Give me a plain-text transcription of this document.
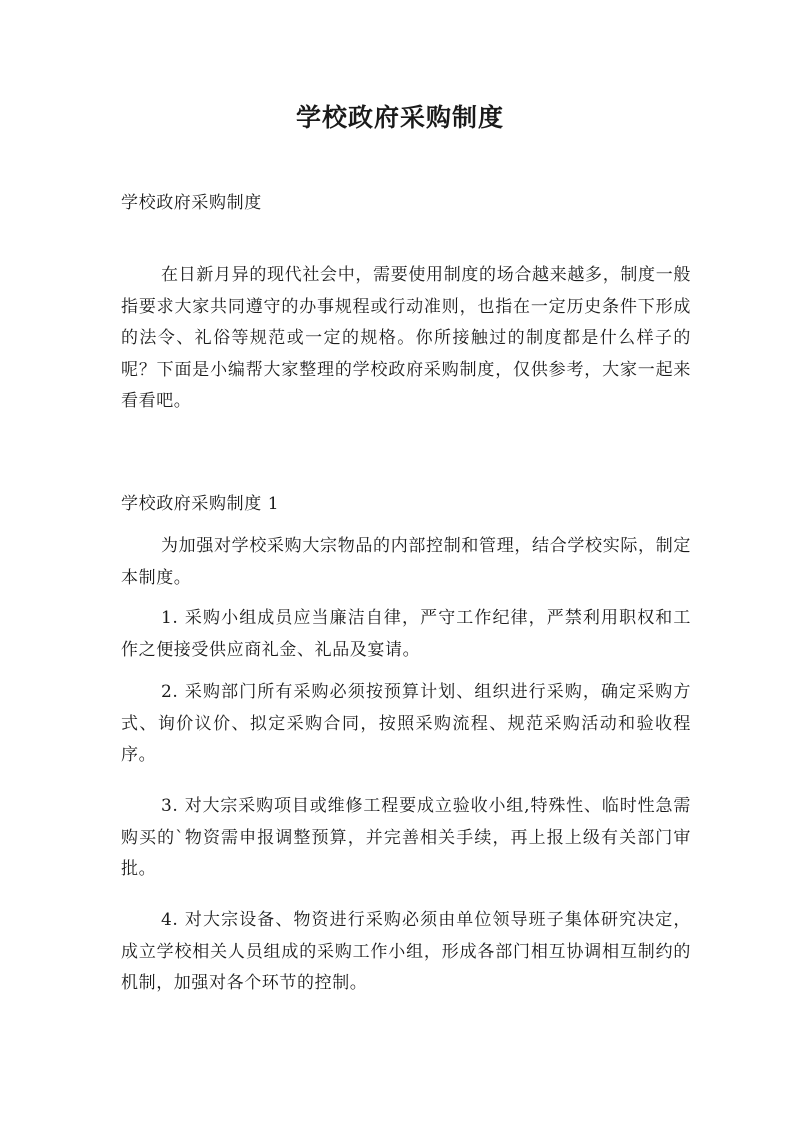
学校政府采购制度

学校政府采购制度

在日新月异的现代社会中，需要使用制度的场合越来越多，制度一般指要求大家共同遵守的办事规程或行动准则，也指在一定历史条件下形成的法令、礼俗等规范或一定的规格。你所接触过的制度都是什么样子的呢？下面是小编帮大家整理的学校政府采购制度，仅供参考，大家一起来看看吧。

学校政府采购制度 1

为加强对学校采购大宗物品的内部控制和管理，结合学校实际，制定本制度。

1. 采购小组成员应当廉洁自律，严守工作纪律，严禁利用职权和工作之便接受供应商礼金、礼品及宴请。

2. 采购部门所有采购必须按预算计划、组织进行采购，确定采购方式、询价议价、拟定采购合同，按照采购流程、规范采购活动和验收程序。

3. 对大宗采购项目或维修工程要成立验收小组,特殊性、临时性急需购买的`物资需申报调整预算，并完善相关手续，再上报上级有关部门审批。

4. 对大宗设备、物资进行采购必须由单位领导班子集体研究决定，成立学校相关人员组成的采购工作小组，形成各部门相互协调相互制约的机制，加强对各个环节的控制。
